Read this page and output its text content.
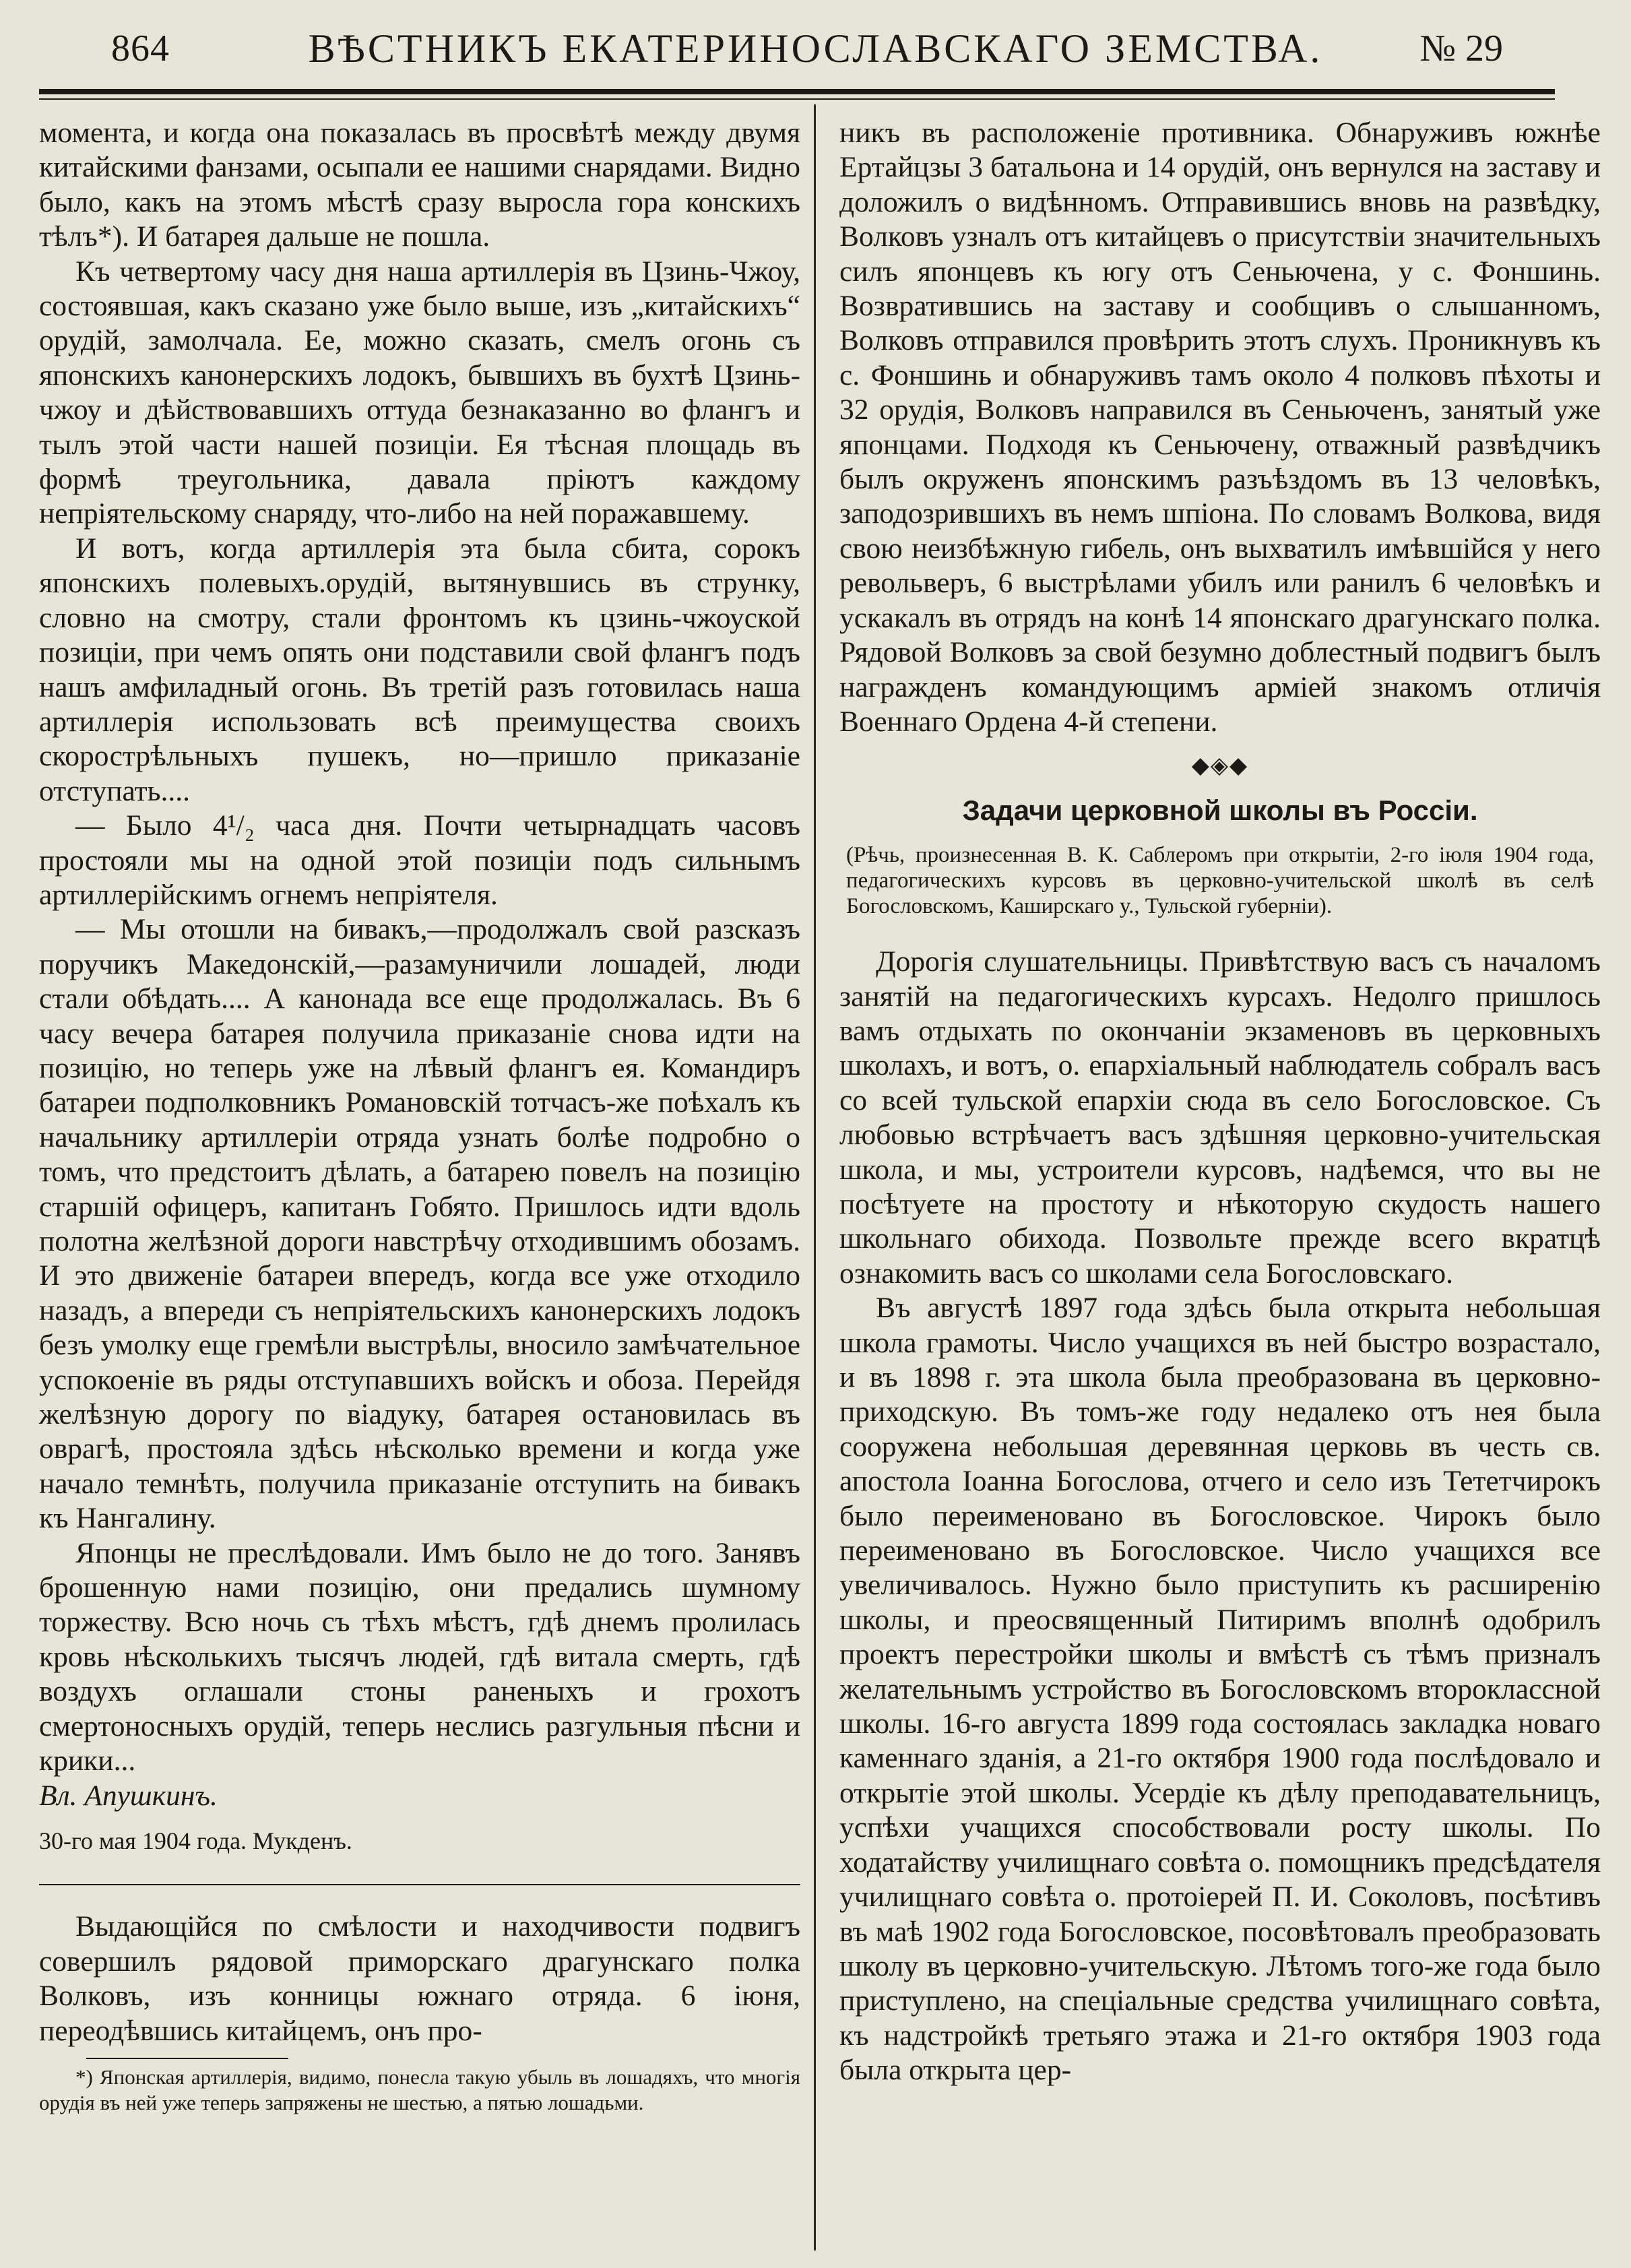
864	ВѢСТНИКЪ ЕКАТЕРИНОСЛАВСКАГО ЗЕМСТВА.	№ 29

момента, и когда она показалась въ просвѣтѣ между двумя китайскими фанзами, осыпали ее нашими снарядами. Видно было, какъ на этомъ мѣстѣ сразу выросла гора конскихъ тѣлъ*). И батарея дальше не пошла.

Къ четвертому часу дня наша артиллерія въ Цзинь-Чжоу, состоявшая, какъ сказано уже было выше, изъ „китайскихъ“ орудій, замолчала. Ее, можно сказать, смелъ огонь съ японскихъ канонерскихъ лодокъ, бывшихъ въ бухтѣ Цзинь-чжоу и дѣйствовавшихъ оттуда безнаказанно во флангъ и тылъ этой части нашей позиціи. Ея тѣсная площадь въ формѣ треугольника, давала пріютъ каждому непріятельскому снаряду, что-либо на ней поражавшему.

И вотъ, когда артиллерія эта была сбита, сорокъ японскихъ полевыхъ.орудій, вытянувшись въ струнку, словно на смотру, стали фронтомъ къ цзинь-чжоуской позиціи, при чемъ опять они подставили свой флангъ подъ нашъ амфиладный огонь. Въ третій разъ готовилась наша артиллерія использовать всѣ преимущества своихъ скорострѣльныхъ пушекъ, но—пришло приказаніе отступать....

— Было 4¹/₂ часа дня. Почти четырнадцать часовъ простояли мы на одной этой позиціи подъ сильнымъ артиллерійскимъ огнемъ непріятеля.

— Мы отошли на бивакъ,—продолжалъ свой разсказъ поручикъ Македонскій,—разамуничили лошадей, люди стали обѣдать.... А канонада все еще продолжалась. Въ 6 часу вечера батарея получила приказаніе снова идти на позицію, но теперь уже на лѣвый флангъ ея. Командиръ батареи подполковникъ Романовскій тотчасъ-же поѣхалъ къ начальнику артиллеріи отряда узнать болѣе подробно о томъ, что предстоитъ дѣлать, а батарею повелъ на позицію старшій офицеръ, капитанъ Гобято. Пришлось идти вдоль полотна желѣзной дороги навстрѣчу отходившимъ обозамъ. И это движеніе батареи впередъ, когда все уже отходило назадъ, а впереди съ непріятельскихъ канонерскихъ лодокъ безъ умолку еще гремѣли выстрѣлы, вносило замѣчательное успокоеніе въ ряды отступавшихъ войскъ и обоза. Перейдя желѣзную дорогу по віадуку, батарея остановилась въ оврагѣ, простояла здѣсь нѣсколько времени и когда уже начало темнѣть, получила приказаніе отступить на бивакъ къ Нангалину.

Японцы не преслѣдовали. Имъ было не до того. Занявъ брошенную нами позицію, они предались шумному торжеству. Всю ночь съ тѣхъ мѣстъ, гдѣ днемъ пролилась кровь нѣсколькихъ тысячъ людей, гдѣ витала смерть, гдѣ воздухъ оглашали стоны раненыхъ и грохотъ смертоносныхъ орудій, теперь неслись разгульныя пѣсни и крики...

Вл. Апушкинъ.

30-го мая 1904 года. Мукденъ.

Выдающійся по смѣлости и находчивости подвигъ совершилъ рядовой приморскаго драгунскаго полка Волковъ, изъ конницы южнаго отряда. 6 іюня, переодѣвшись китайцемъ, онъ про-

*) Японская артиллерія, видимо, понесла такую убыль въ лошадяхъ, что многія орудія въ ней уже теперь запряжены не шестью, а пятью лошадьми.

никъ въ расположеніе противника. Обнаруживъ южнѣе Ертайцзы 3 батальона и 14 орудій, онъ вернулся на заставу и доложилъ о видѣнномъ. Отправившись вновь на развѣдку, Волковъ узналъ отъ китайцевъ о присутствіи значительныхъ силъ японцевъ къ югу отъ Сеньючена, у с. Фоншинь. Возвратившись на заставу и сообщивъ о слышанномъ, Волковъ отправился провѣрить этотъ слухъ. Проникнувъ къ с. Фоншинь и обнаруживъ тамъ около 4 полковъ пѣхоты и 32 орудія, Волковъ направился въ Сеньюченъ, занятый уже японцами. Подходя къ Сеньючену, отважный развѣдчикъ былъ окруженъ японскимъ разъѣздомъ въ 13 человѣкъ, заподозрившихъ въ немъ шпіона. По словамъ Волкова, видя свою неизбѣжную гибель, онъ выхватилъ имѣвшійся у него револьверъ, 6 выстрѣлами убилъ или ранилъ 6 человѣкъ и ускакалъ въ отрядъ на конѣ 14 японскаго драгунскаго полка. Рядовой Волковъ за свой безумно доблестный подвигъ былъ награжденъ командующимъ арміей знакомъ отличія Военнаго Ордена 4-й степени.

◆◈◆
Задачи церковной школы въ Россіи.

(Рѣчь, произнесенная В. К. Саблеромъ при открытіи, 2-го іюля 1904 года, педагогическихъ курсовъ въ церковно-учительской школѣ въ селѣ Богословскомъ, Каширскаго у., Тульской губерніи).

Дорогія слушательницы. Привѣтствую васъ съ началомъ занятій на педагогическихъ курсахъ. Недолго пришлось вамъ отдыхать по окончаніи экзаменовъ въ церковныхъ школахъ, и вотъ, о. епархіальный наблюдатель собралъ васъ со всей тульской епархіи сюда въ село Богословское. Съ любовью встрѣчаетъ васъ здѣшняя церковно-учительская школа, и мы, устроители курсовъ, надѣемся, что вы не посѣтуете на простоту и нѣкоторую скудость нашего школьнаго обихода. Позвольте прежде всего вкратцѣ ознакомить васъ со школами села Богословскаго.

Въ августѣ 1897 года здѣсь была открыта небольшая школа грамоты. Число учащихся въ ней быстро возрастало, и въ 1898 г. эта школа была преобразована въ церковно-приходскую. Въ томъ-же году недалеко отъ нея была сооружена небольшая деревянная церковь въ честь св. апостола Іоанна Богослова, отчего и село изъ Тететчирокъ было переименовано въ Богословское. Чирокъ было переименовано въ Богословское. Число учащихся все увеличивалось. Нужно было приступить къ расширенію школы, и преосвященный Питиримъ вполнѣ одобрилъ проектъ перестройки школы и вмѣстѣ съ тѣмъ призналъ желательнымъ устройство въ Богословскомъ второклассной школы. 16-го августа 1899 года состоялась закладка новаго каменнаго зданія, а 21-го октября 1900 года послѣдовало и открытіе этой школы. Усердіе къ дѣлу преподавательницъ, успѣхи учащихся способствовали росту школы. По ходатайству училищнаго совѣта о. помощникъ предсѣдателя училищнаго совѣта о. протоіерей П. И. Соколовъ, посѣтивъ въ маѣ 1902 года Богословское, посовѣтовалъ преобразовать школу въ церковно-учительскую. Лѣтомъ того-же года было приступлено, на спеціальные средства училищнаго совѣта, къ надстройкѣ третьяго этажа и 21-го октября 1903 года была открыта цер-
